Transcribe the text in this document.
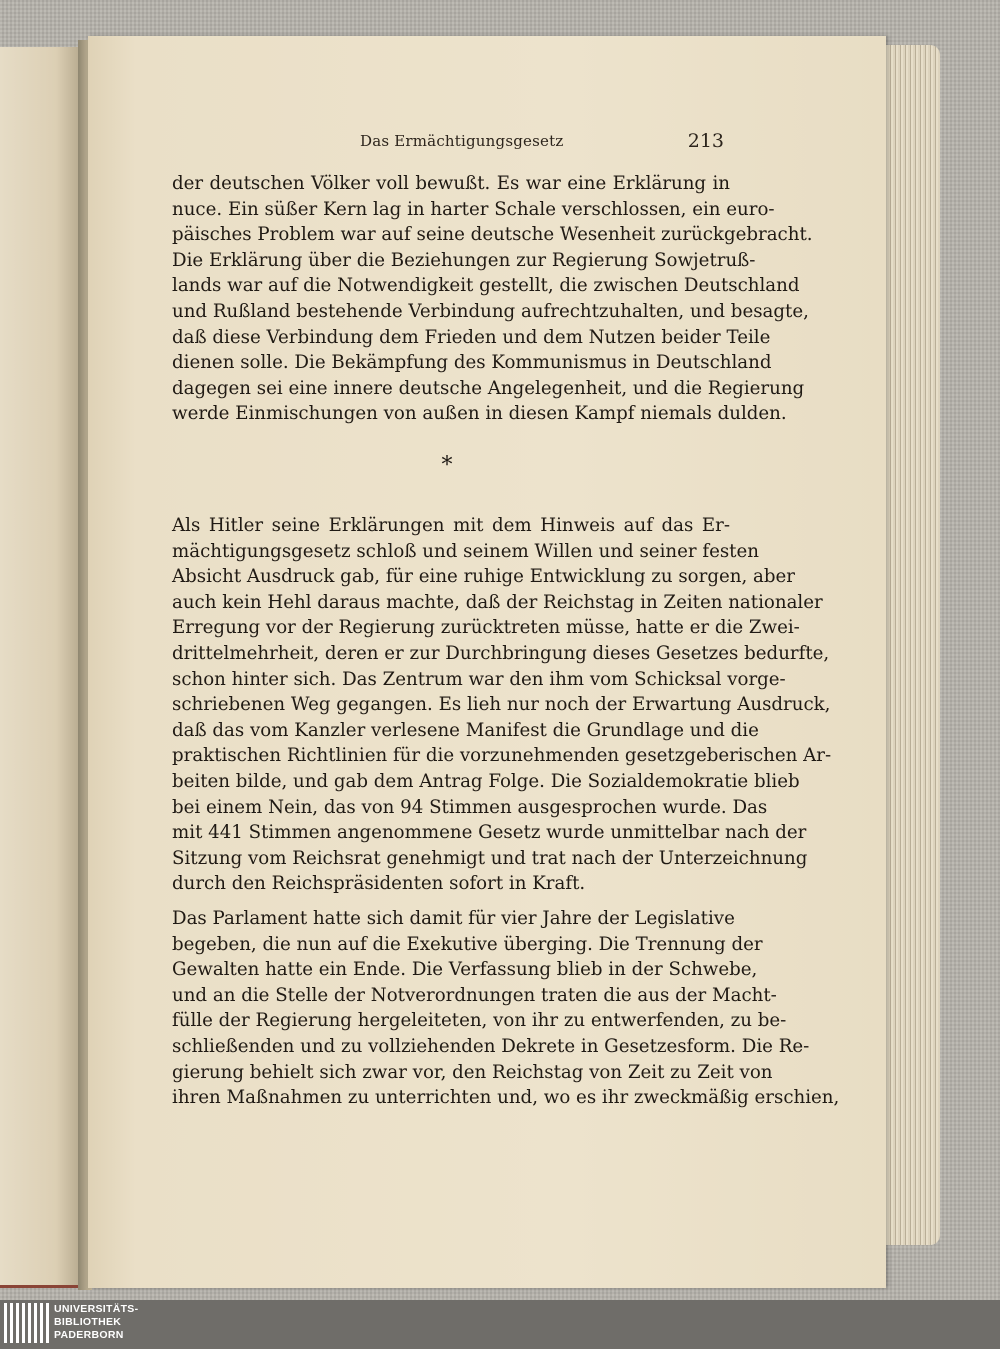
Das Ermächtigungsgesetz	213
der deutschen Völker voll bewußt. Es war eine Erklärung in
nuce. Ein süßer Kern lag in harter Schale verschlossen, ein euro-
päisches Problem war auf seine deutsche Wesenheit zurückgebracht.
Die Erklärung über die Beziehungen zur Regierung Sowjetruß-
lands war auf die Notwendigkeit gestellt, die zwischen Deutschland
und Rußland bestehende Verbindung aufrechtzuhalten, und besagte,
daß diese Verbindung dem Frieden und dem Nutzen beider Teile
dienen solle. Die Bekämpfung des Kommunismus in Deutschland
dagegen sei eine innere deutsche Angelegenheit, und die Regierung
werde Einmischungen von außen in diesen Kampf niemals dulden.
*
Als Hitler seine Erklärungen mit dem Hinweis auf das Er-
mächtigungsgesetz schloß und seinem Willen und seiner festen
Absicht Ausdruck gab, für eine ruhige Entwicklung zu sorgen, aber
auch kein Hehl daraus machte, daß der Reichstag in Zeiten nationaler
Erregung vor der Regierung zurücktreten müsse, hatte er die Zwei-
drittelmehrheit, deren er zur Durchbringung dieses Gesetzes bedurfte,
schon hinter sich. Das Zentrum war den ihm vom Schicksal vorge-
schriebenen Weg gegangen. Es lieh nur noch der Erwartung Ausdruck,
daß das vom Kanzler verlesene Manifest die Grundlage und die
praktischen Richtlinien für die vorzunehmenden gesetzgeberischen Ar-
beiten bilde, und gab dem Antrag Folge. Die Sozialdemokratie blieb
bei einem Nein, das von 94 Stimmen ausgesprochen wurde. Das
mit 441 Stimmen angenommene Gesetz wurde unmittelbar nach der
Sitzung vom Reichsrat genehmigt und trat nach der Unterzeichnung
durch den Reichspräsidenten sofort in Kraft.
Das Parlament hatte sich damit für vier Jahre der Legislative
begeben, die nun auf die Exekutive überging. Die Trennung der
Gewalten hatte ein Ende. Die Verfassung blieb in der Schwebe,
und an die Stelle der Notverordnungen traten die aus der Macht-
fülle der Regierung hergeleiteten, von ihr zu entwerfenden, zu be-
schließenden und zu vollziehenden Dekrete in Gesetzesform. Die Re-
gierung behielt sich zwar vor, den Reichstag von Zeit zu Zeit von
ihren Maßnahmen zu unterrichten und, wo es ihr zweckmäßig erschien,
UNIVERSITÄTS-
BIBLIOTHEK
PADERBORN
